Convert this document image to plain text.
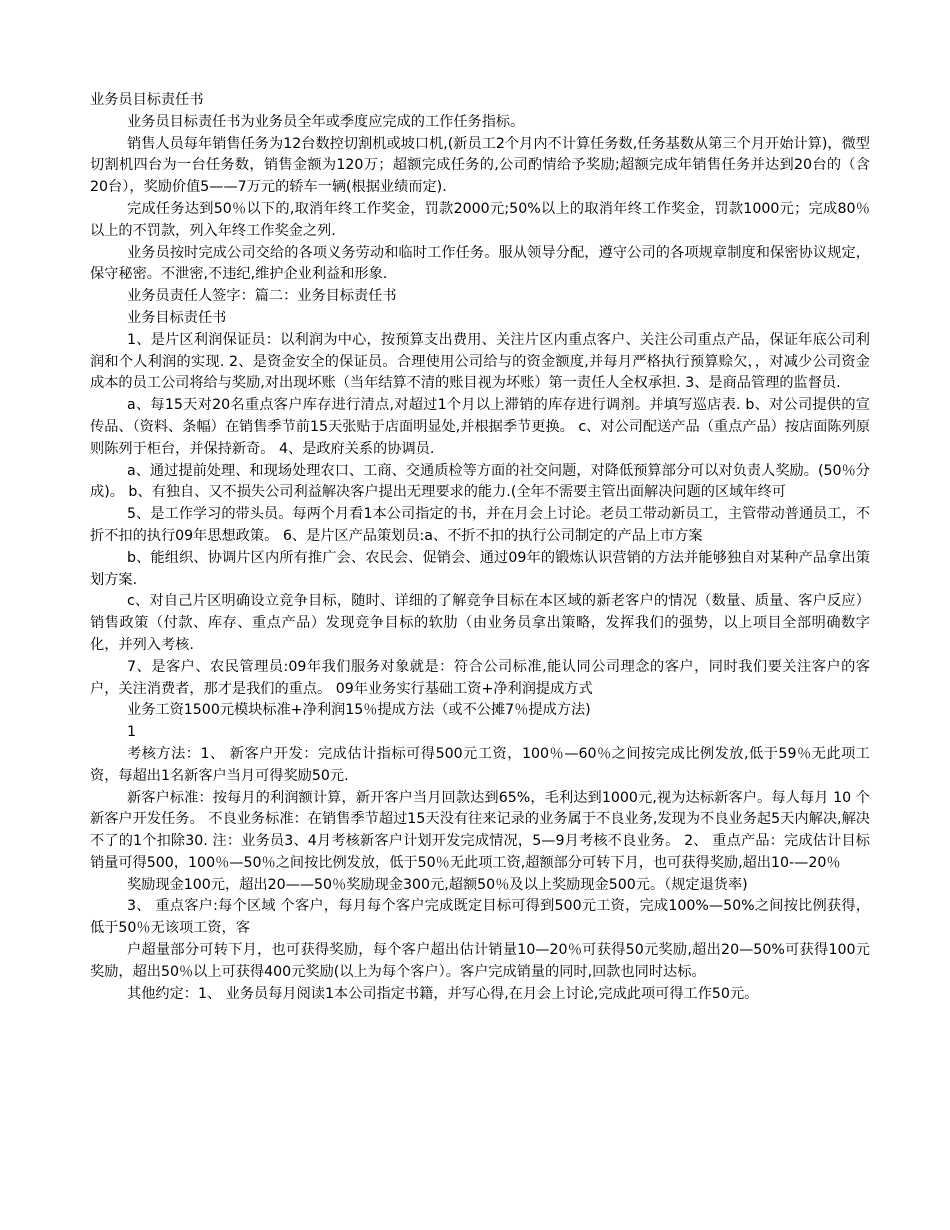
业务员目标责任书

业务员目标责任书为业务员全年或季度应完成的工作任务指标。

销售人员每年销售任务为12台数控切割机或坡口机,(新员工2个月内不计算任务数,任务基数从第三个月开始计算)，微型切割机四台为一台任务数，销售金额为120万；超额完成任务的,公司酌情给予奖励;超额完成年销售任务并达到20台的（含20台），奖励价值5——7万元的轿车一辆(根据业绩而定).

完成任务达到50％以下的,取消年终工作奖金，罚款2000元;50%以上的取消年终工作奖金，罚款1000元；完成80％以上的不罚款，列入年终工作奖金之列.

业务员按时完成公司交给的各项义务劳动和临时工作任务。服从领导分配，遵守公司的各项规章制度和保密协议规定，保守秘密。不泄密,不违纪,维护企业利益和形象.

业务员责任人签字：篇二：业务目标责任书

业务目标责任书

1、是片区利润保证员：以利润为中心，按预算支出费用、关注片区内重点客户、关注公司重点产品，保证年底公司利润和个人利润的实现. 2、是资金安全的保证员。合理使用公司给与的资金额度,并每月严格执行预算赊欠，，对减少公司资金成本的员工公司将给与奖励,对出现坏账（当年结算不清的账目视为坏账）第一责任人全权承担. 3、是商品管理的监督员.

a、每15天对20名重点客户库存进行清点,对超过1个月以上滞销的库存进行调剂。并填写巡店表. b、对公司提供的宣传品、（资料、条幅）在销售季节前15天张贴于店面明显处,并根据季节更换。 c、对公司配送产品（重点产品）按店面陈列原则陈列于柜台，并保持新奇。 4、是政府关系的协调员.

a、通过提前处理、和现场处理农口、工商、交通质检等方面的社交问题，对降低预算部分可以对负责人奖励。(50％分成)。 b、有独自、又不损失公司利益解决客户提出无理要求的能力.(全年不需要主管出面解决问题的区域年终可

5、是工作学习的带头员。每两个月看1本公司指定的书，并在月会上讨论。老员工带动新员工，主管带动普通员工，不折不扣的执行09年思想政策。 6、是片区产品策划员:a、不折不扣的执行公司制定的产品上市方案

b、能组织、协调片区内所有推广会、农民会、促销会、通过09年的锻炼认识营销的方法并能够独自对某种产品拿出策划方案.

c、对自己片区明确设立竞争目标，随时、详细的了解竞争目标在本区域的新老客户的情况（数量、质量、客户反应）销售政策（付款、库存、重点产品）发现竞争目标的软肋（由业务员拿出策略，发挥我们的强势，以上项目全部明确数字化，并列入考核.

7、是客户、农民管理员:09年我们服务对象就是：符合公司标准,能认同公司理念的客户，同时我们要关注客户的客户，关注消费者，那才是我们的重点。 09年业务实行基础工资+净利润提成方式

业务工资1500元模块标准+净利润15％提成方法（或不公摊7％提成方法)

1

考核方法：1、 新客户开发：完成估计指标可得500元工资，100％—60％之间按完成比例发放,低于59％无此项工资，每超出1名新客户当月可得奖励50元.

新客户标准：按每月的利润额计算，新开客户当月回款达到65%，毛利达到1000元,视为达标新客户。每人每月 10 个新客户开发任务。 不良业务标准：在销售季节超过15天没有往来记录的业务属于不良业务,发现为不良业务起5天内解决,解决不了的1个扣除30. 注：业务员3、4月考核新客户计划开发完成情况，5—9月考核不良业务。 2、 重点产品：完成估计目标销量可得500，100％—50％之间按比例发放，低于50％无此项工资,超额部分可转下月，也可获得奖励,超出10-—20％

奖励现金100元，超出20——50％奖励现金300元,超额50％及以上奖励现金500元。（规定退货率)

3、 重点客户:每个区域 个客户，每月每个客户完成既定目标可得到500元工资，完成100%—50%之间按比例获得，低于50％无该项工资，客

户超量部分可转下月，也可获得奖励，每个客户超出估计销量10—20％可获得50元奖励,超出20—50%可获得100元奖励，超出50％以上可获得400元奖励(以上为每个客户）。客户完成销量的同时,回款也同时达标。

其他约定：1、 业务员每月阅读1本公司指定书籍，并写心得,在月会上讨论,完成此项可得工作50元。
